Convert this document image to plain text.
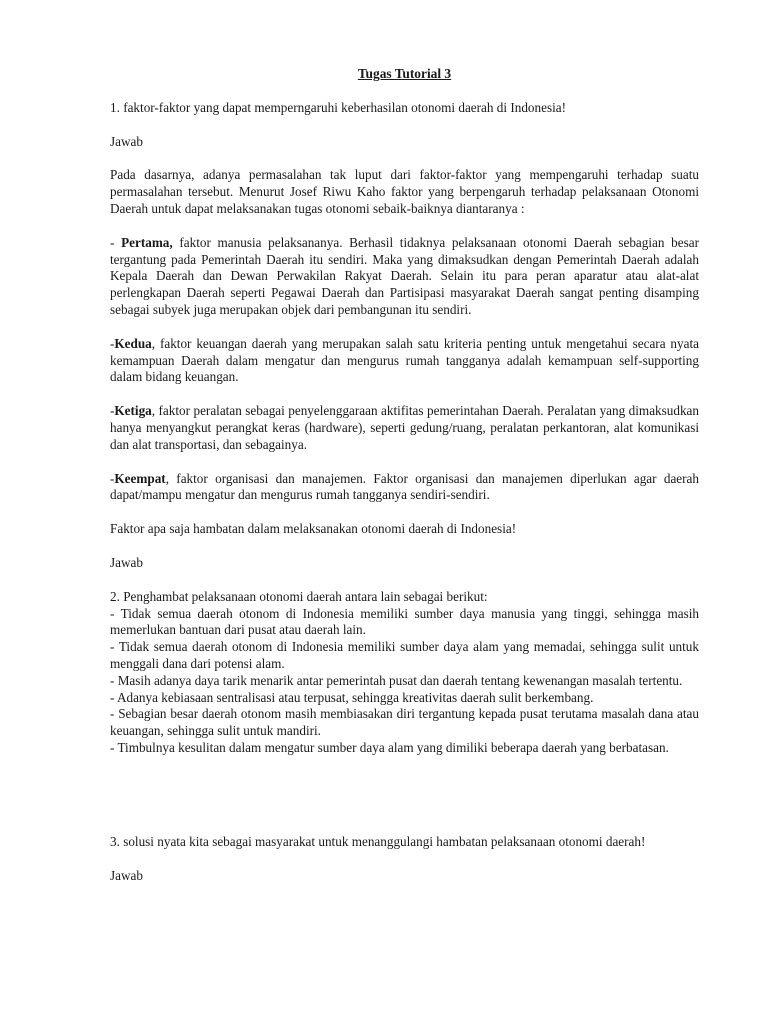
Tugas Tutorial 3

1. faktor-faktor yang dapat memperngaruhi keberhasilan otonomi daerah di Indonesia!

Jawab

Pada dasarnya, adanya permasalahan tak luput dari faktor-faktor yang mempengaruhi terhadap suatu permasalahan tersebut. Menurut Josef Riwu Kaho faktor yang berpengaruh terhadap pelaksanaan Otonomi Daerah untuk dapat melaksanakan tugas otonomi sebaik-baiknya diantaranya :

- Pertama, faktor manusia pelaksananya. Berhasil tidaknya pelaksanaan otonomi Daerah sebagian besar tergantung pada Pemerintah Daerah itu sendiri. Maka yang dimaksudkan dengan Pemerintah Daerah adalah Kepala Daerah dan Dewan Perwakilan Rakyat Daerah. Selain itu para peran aparatur atau alat-alat perlengkapan Daerah seperti Pegawai Daerah dan Partisipasi masyarakat Daerah sangat penting disamping sebagai subyek juga merupakan objek dari pembangunan itu sendiri.

-Kedua, faktor keuangan daerah yang merupakan salah satu kriteria penting untuk mengetahui secara nyata kemampuan Daerah dalam mengatur dan mengurus rumah tangganya adalah kemampuan self-supporting dalam bidang keuangan.

-Ketiga, faktor peralatan sebagai penyelenggaraan aktifitas pemerintahan Daerah. Peralatan yang dimaksudkan hanya menyangkut perangkat keras (hardware), seperti gedung/ruang, peralatan perkantoran, alat komunikasi dan alat transportasi, dan sebagainya.

-Keempat, faktor organisasi dan manajemen. Faktor organisasi dan manajemen diperlukan agar daerah dapat/mampu mengatur dan mengurus rumah tangganya sendiri-sendiri.

Faktor apa saja hambatan dalam melaksanakan otonomi daerah di Indonesia!

Jawab

2. Penghambat pelaksanaan otonomi daerah antara lain sebagai berikut:
- Tidak semua daerah otonom di Indonesia memiliki sumber daya manusia yang tinggi, sehingga masih memerlukan bantuan dari pusat atau daerah lain.
- Tidak semua daerah otonom di Indonesia memiliki sumber daya alam yang memadai, sehingga sulit untuk menggali dana dari potensi alam.
- Masih adanya daya tarik menarik antar pemerintah pusat dan daerah tentang kewenangan masalah tertentu.
- Adanya kebiasaan sentralisasi atau terpusat, sehingga kreativitas daerah sulit berkembang.
- Sebagian besar daerah otonom masih membiasakan diri tergantung kepada pusat terutama masalah dana atau keuangan, sehingga sulit untuk mandiri.
- Timbulnya kesulitan dalam mengatur sumber daya alam yang dimiliki beberapa daerah yang berbatasan.

3. solusi nyata kita sebagai masyarakat untuk menanggulangi hambatan pelaksanaan otonomi daerah!

Jawab
